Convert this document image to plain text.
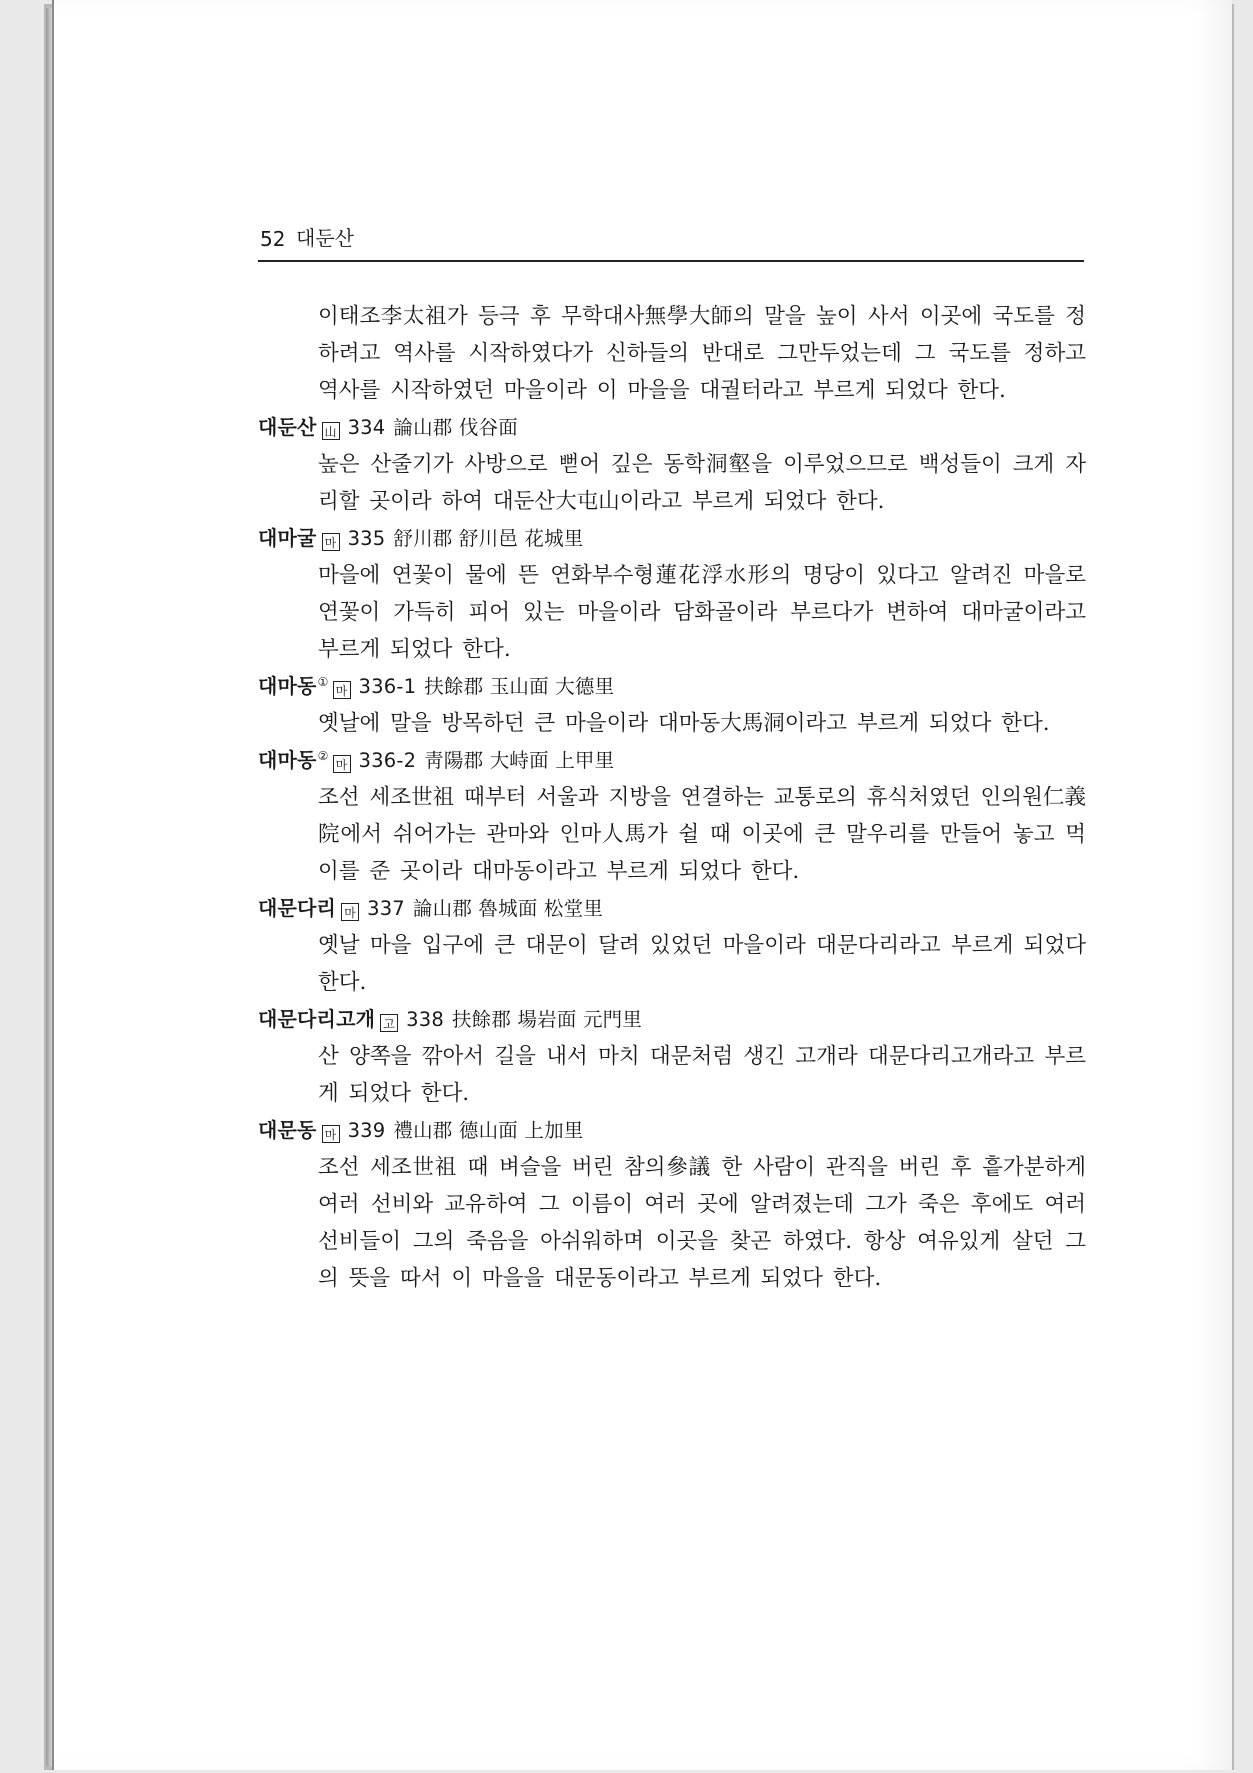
52 대둔산

이태조李太祖가 등극 후 무학대사無學大師의 말을 높이 사서 이곳에 국도를 정하려고 역사를 시작하였다가 신하들의 반대로 그만두었는데 그 국도를 정하고 역사를 시작하였던 마을이라 이 마을을 대궐터라고 부르게 되었다 한다.

대둔산 山 334 論山郡 伐谷面

높은 산줄기가 사방으로 뻗어 깊은 동학洞壑을 이루었으므로 백성들이 크게 자리할 곳이라 하여 대둔산大屯山이라고 부르게 되었다 한다.

대마굴 마 335 舒川郡 舒川邑 花城里

마을에 연꽃이 물에 뜬 연화부수형蓮花浮水形의 명당이 있다고 알려진 마을로 연꽃이 가득히 피어 있는 마을이라 담화골이라 부르다가 변하여 대마굴이라고 부르게 되었다 한다.

대마동①마 336-1 扶餘郡 玉山面 大德里

옛날에 말을 방목하던 큰 마을이라 대마동大馬洞이라고 부르게 되었다 한다.

대마동②마 336-2 靑陽郡 大峙面 上甲里

조선 세조世祖 때부터 서울과 지방을 연결하는 교통로의 휴식처였던 인의원仁義院에서 쉬어가는 관마와 인마人馬가 쉴 때 이곳에 큰 말우리를 만들어 놓고 먹이를 준 곳이라 대마동이라고 부르게 되었다 한다.

대문다리 마 337 論山郡 魯城面 松堂里

옛날 마을 입구에 큰 대문이 달려 있었던 마을이라 대문다리라고 부르게 되었다 한다.

대문다리고개 고 338 扶餘郡 場岩面 元門里

산 양쪽을 깎아서 길을 내서 마치 대문처럼 생긴 고개라 대문다리고개라고 부르게 되었다 한다.

대문동 마 339 禮山郡 德山面 上加里

조선 세조世祖 때 벼슬을 버린 참의參議 한 사람이 관직을 버린 후 흩가분하게 여러 선비와 교유하여 그 이름이 여러 곳에 알려졌는데 그가 죽은 후에도 여러 선비들이 그의 죽음을 아쉬워하며 이곳을 찾곤 하였다. 항상 여유있게 살던 그의 뜻을 따서 이 마을을 대문동이라고 부르게 되었다 한다.
